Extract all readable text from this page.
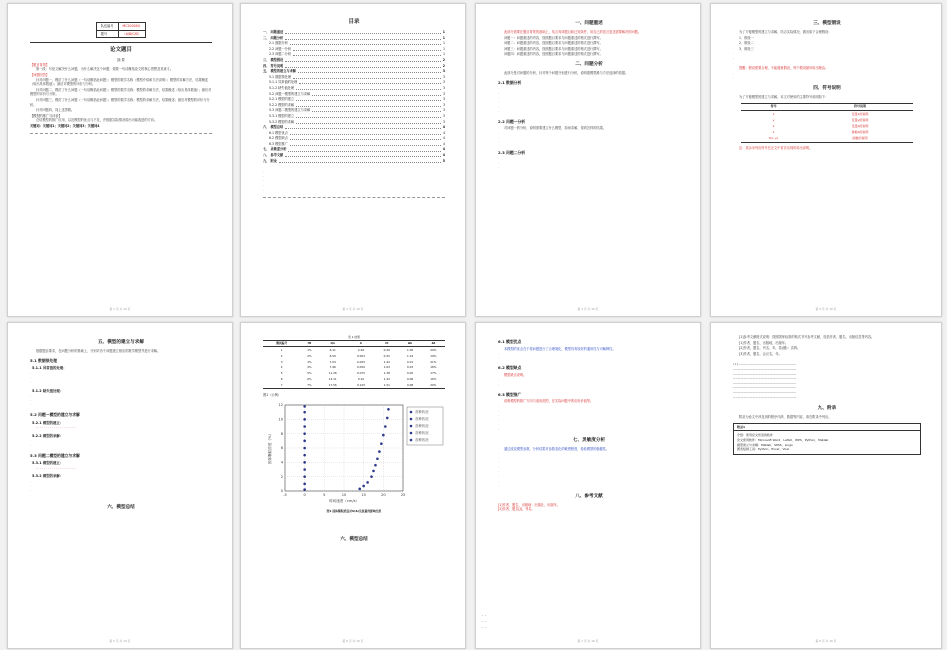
队伍编号	MC2000XX
题号	（A/B/C/D）
论文题目
摘 要
【题目背景】
第一段：写论文解决什么问题，为什么解决这个问题；简要一句话概括论文的核心思想及其意义。
【问题回答】
针对问题一，模仿了什么问题（一句话概括此问题）；模型的数学名称（模型介绍和方法说明）；模型的求解方法，结果概述（给出具体数值）；最后对模型的评价与分析。
针对问题二，模仿了什么问题（一句话概括此问题）；模型的数学名称；模型的求解方法，结果概述（给出具体数值）；最后对模型的评价与分析。
针对问题三，模仿了什么问题（一句话概括此问题）；模型的数学名称；模型的求解方法，结果概述；最后对模型的评价与分析。
针对问题四，同上述思路。
【模型的推广与评价】
总结模型的推广应用，以及模型的优点与不足，并根据实际情况给出可能改进的方向。
关键词：关键词1；关键词2；关键词3；关键词4
第 1 页 共 10 页
目录
一、 问题重述	1
二、 问题分析	1
2.1 数据分析	1
2.2 问题一分析	1
2.3 问题二分析	1
三、 模型假设	2
四、 符号说明	2
五、 模型的建立与求解	3
5.1 数据预处理	3
5.1.1 异常值的处理	3
5.1.2 缺失值处理	3
5.2 问题一模型的建立与求解	3
5.2.1 模型的建立	3
5.2.2 模型的求解	3
5.3 问题二模型的建立与求解	3
5.3.1 模型的建立	3
5.3.2 模型的求解	3
六、 模型总结	4
6.1 模型优点	4
6.2 模型缺点	4
6.3 模型推广	4
七、 灵敏度分析	4
八、 参考文献	4
九、 附录	5
·
·
·
·
·
第 2 页 共 10 页
一、问题重述
此部分需要在题目背景的基础上，结合具体题目和已知条件，用自己的语言复述需要解决的问题。
问题一：问题重述的内容，按照题目要求与问题重述的格式进行撰写。
问题二：问题重述的内容，按照题目要求与问题重述的格式进行撰写。
问题三：问题重述的内容，按照题目要求与问题重述的格式进行撰写。
问题四：问题重述的内容，按照题目要求与问题重述的格式进行撰写。
二、问题分析
此部分是对问题的分析，针对每个问题分别进行分析，说明建模思路与方法选择的依据。
2.1 数据分析
·
·
·
·
·
·
2.2 问题一分析
对问题一的分析，说明需要建立什么模型，如何求解，得到怎样的结果。
·
·
·
2.3 问题二分析
·
·
·
第 3 页 共 10 页
三、模型假设
为了方便模型的建立与求解，结合实际情况，做出如下合理假设：
1、假设一
2、假设二
3、假设三
·
·
·
提醒：假设需要合理，不能随意假设，每个假设最好给出理由。
·
·
四、符号说明
为了方便模型的建立与求解，本文对使用的主要符号说明如下：
符号	符号说明
x	变量x的说明
y	变量y的说明
z	变量z的说明
λ	参数λ的说明
f(x, y)	函数的说明
注：其余未列出符号在正文中首次出现时给出说明。
第 4 页 共 10 页
五、模型的建立与求解
根据题目要求，在问题分析的基础上，分别对各个问题建立相应的数学模型并进行求解。
5.1 数据预处理
5.1.1 异常值的处理：
·
·
·
5.1.2 缺失值处理：
·
·
·
5.2 问题一模型的建立与求解
5.2.1 模型的建立：
· · · · · · · · · · · · · · · · · · · ·
5.2.2 模型的求解：
·
·
5.3 问题二模型的建立与求解
5.3.1 模型的建立：
· · · · · · · · · · · · · · · · · · · ·
5.3.2 模型的求解：
·
·
·
六、模型总结
第 5 页 共 10 页
表 1 结果
测试编号	Ht	Qn	h	Ct	Δh	Δt
1	1%	6.11	2.26	0.20	1.36	20%
2	2%	6.50	0.003	0.25	1.19	19%
3	3%	7.04	0.025	1.42	0.01	21%
4	4%	7.96	0.050	1.63	0.03	18%
5	5%	11.26	0.075	1.38	0.05	17%
6	6%	14.11	0.10	1.43	0.06	16%
7	7%	17.56	0.125	1.51	0.08	20%
图1（示例）
-5	0	5	10	15	20	25
0
2
4
6
8
10
12
时间速度（cm/s）
固体颗粒浓度（%）
各种状况
各种状况
各种状况
各种状况
各种状况
图1 固体颗粒浓度对U(Δ)及流量的影响结果
六、模型总结
第 6 页 共 10 页
6.1 模型优点
本模型的优点在于将问题进行了合理简化，模型具有较好的通用性与可解释性。
·
·
6.2 模型缺点
模型缺点说明。
·
·
6.3 模型推广
说明模型的推广方向与适用范围，在实际问题中的应用价值等。
·
·
·
·
·
·
七、灵敏度分析
通过改变模型参数，分析结果对参数变化的敏感程度，检验模型的稳健性。
·
·
·
·
·
·
·
·
八、参考文献
[1]作者，题名，出版地：出版社，出版年。
[2]作者，题名[J]，刊名。
· ·
· ·
· ·
第 7 页 共 10 页
[1]参考文献格式说明：按照国家标准的格式书写参考文献，包括作者、题名、出版信息等内容。
[1]作者，题名，出版地，出版年。
[2]作者，题名，刊名，年，卷(期)：页码。
[3]作者，题名，会议名，年。
[1]……………………………………………………………………………………
……………………………………………………………………………………………
……………………………………………………………………………………………
……………………………………………………………………………………………
……………………………………………………………………………………………
……………………………………………………………………………………………
……………………………………………………………………………………………
……………………………………………………………………………………………
九、附录
附录为论文中涉及到的程序代码、数据等内容，请在附录中列出。
附录1
介绍：使用论文所需的软件
论文使用软件：Microsoft Word、LaTeX、WPS、Python、Matlab
模型建立与求解：Matlab、SPSS、Lingo
图表绘制工具：Python、Excel、Visio
第 8 页 共 10 页
